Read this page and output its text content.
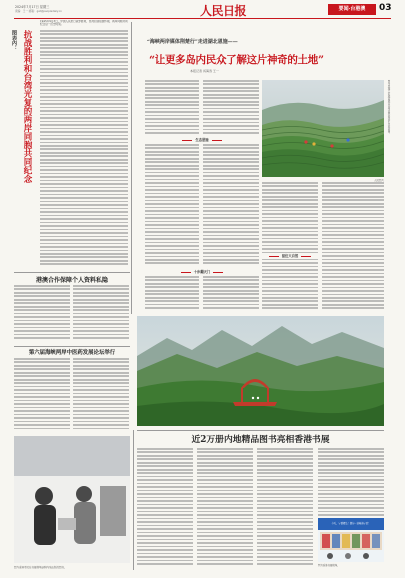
2024年7月17日 星期三
责编：王一 邮箱：gat@peopledaily.cn	人民日报	要闻·台港澳	03
图表内： 抗战胜利和台湾光复的两岸同胞共同纪念
1945年9月3日，中国人民抗日战争胜利，台湾回到祖国怀抱，两岸同胞共同纪念这一历史时刻。
港澳合作保障个人资料私隐
第六届海峡两岸中医药发展论坛举行
“海峡两岸媒体荆楚行”走进湖北恩施——
“让更多岛内民众了解这片神奇的土地”
本报记者 汤海涛 王一
图为恩施土家族苗族自治州宣恩县伍家台贡茶园。
人民图片
生态恩施
十步翻天门
留住大自然
近2万册内地精品图书亮相香港书展
今天，宁德精品！跟你一起畅游宁夏！
图为香港书展现场。
图为香港市民在书展现场选购内地出版的图书。
